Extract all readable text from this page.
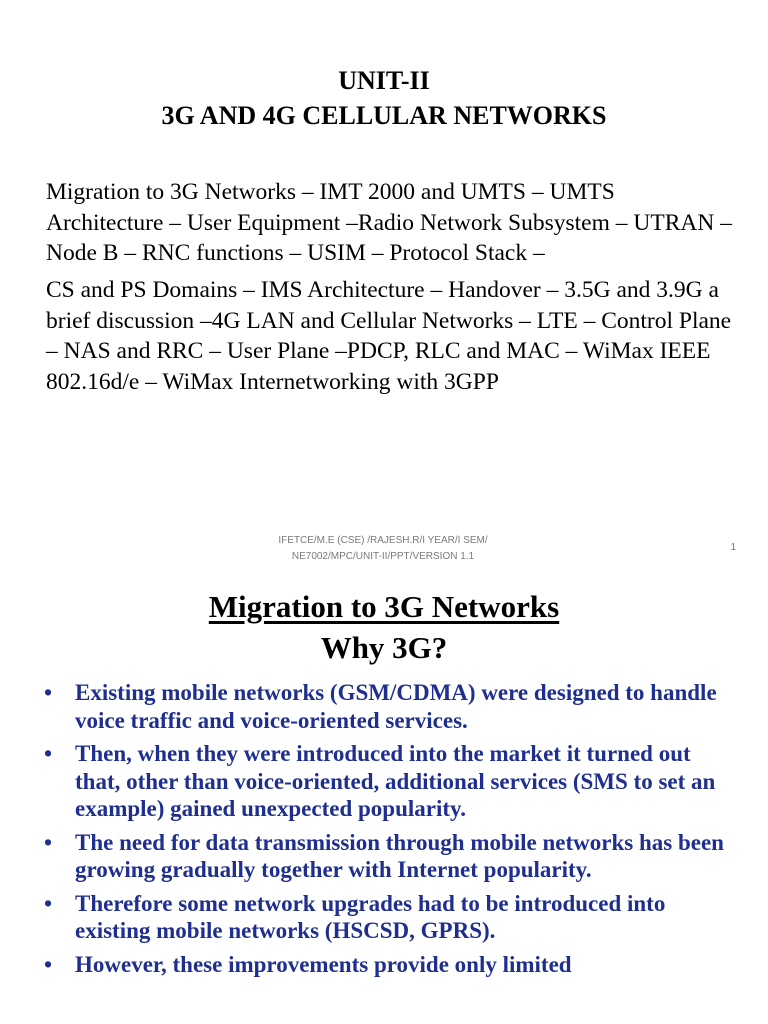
UNIT-II
3G AND 4G CELLULAR NETWORKS

Migration to 3G Networks – IMT 2000 and UMTS – UMTS Architecture – User Equipment –Radio Network Subsystem – UTRAN – Node B – RNC functions – USIM – Protocol Stack –

CS and PS Domains – IMS Architecture – Handover – 3.5G and 3.9G a brief discussion –4G LAN and Cellular Networks – LTE – Control Plane – NAS and RRC – User Plane –PDCP, RLC and MAC – WiMax IEEE 802.16d/e – WiMax Internetworking with 3GPP

IFETCE/M.E (CSE) /RAJESH.R/I YEAR/I SEM/
NE7002/MPC/UNIT-II/PPT/VERSION 1.1
1
Migration to 3G Networks
Why 3G?
• Existing mobile networks (GSM/CDMA) were designed to handle voice traffic and voice-oriented services.
• Then, when they were introduced into the market it turned out that, other than voice-oriented, additional services (SMS to set an example) gained unexpected popularity.
• The need for data transmission through mobile networks has been growing gradually together with Internet popularity.
• Therefore some network upgrades had to be introduced into existing mobile networks (HSCSD, GPRS).
• However, these improvements provide only limited
